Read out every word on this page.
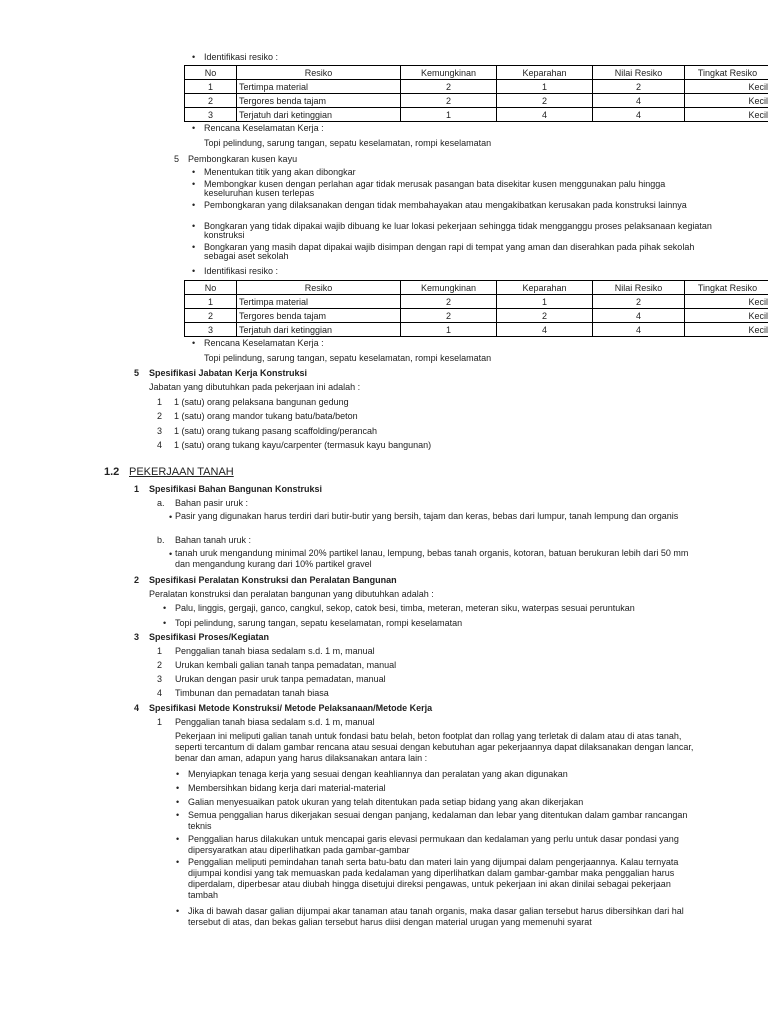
• Identifikasi resiko :
No	Resiko	Kemungkinan	Keparahan	Nilai Resiko	Tingkat Resiko
1	Tertimpa material	2	1	2	Kecil
2	Tergores benda tajam	2	2	4	Kecil
3	Terjatuh dari ketinggian	1	4	4	Kecil
• Rencana Keselamatan Kerja :
Topi pelindung, sarung tangan, sepatu keselamatan, rompi keselamatan
5 Pembongkaran kusen kayu
• Menentukan titik yang akan dibongkar
• Membongkar kusen dengan perlahan agar tidak merusak pasangan bata disekitar kusen menggunakan palu hingga keseluruhan kusen terlepas
• Pembongkaran yang dilaksanakan dengan tidak membahayakan atau mengakibatkan kerusakan pada konstruksi lainnya
• Bongkaran yang tidak dipakai wajib dibuang ke luar lokasi pekerjaan sehingga tidak mengganggu proses pelaksanaan kegiatan konstruksi
• Bongkaran yang masih dapat dipakai wajib disimpan dengan rapi di tempat yang aman dan diserahkan pada pihak sekolah sebagai aset sekolah
• Identifikasi resiko :
No	Resiko	Kemungkinan	Keparahan	Nilai Resiko	Tingkat Resiko
1	Tertimpa material	2	1	2	Kecil
2	Tergores benda tajam	2	2	4	Kecil
3	Terjatuh dari ketinggian	1	4	4	Kecil
• Rencana Keselamatan Kerja :
Topi pelindung, sarung tangan, sepatu keselamatan, rompi keselamatan
5 Spesifikasi Jabatan Kerja Konstruksi
Jabatan yang dibutuhkan pada pekerjaan ini adalah :
1 1 (satu) orang pelaksana bangunan gedung
2 1 (satu) orang mandor tukang batu/bata/beton
3 1 (satu) orang tukang pasang scaffolding/perancah
4 1 (satu) orang tukang kayu/carpenter (termasuk kayu bangunan)
1.2 PEKERJAAN TANAH
1 Spesifikasi Bahan Bangunan Konstruksi
a. Bahan pasir uruk :
• Pasir yang digunakan harus terdiri dari butir-butir yang bersih, tajam dan keras, bebas dari lumpur, tanah lempung dan organis
b. Bahan tanah uruk :
• tanah uruk mengandung minimal 20% partikel lanau, lempung, bebas tanah organis, kotoran, batuan berukuran lebih dari 50 mm dan mengandung kurang dari 10% partikel gravel
2 Spesifikasi Peralatan Konstruksi dan Peralatan Bangunan
Peralatan konstruksi dan peralatan bangunan yang dibutuhkan adalah :
• Palu, linggis, gergaji, ganco, cangkul, sekop, catok besi, timba, meteran, meteran siku, waterpas sesuai peruntukan
• Topi pelindung, sarung tangan, sepatu keselamatan, rompi keselamatan
3 Spesifikasi Proses/Kegiatan
1 Penggalian tanah biasa sedalam s.d. 1 m, manual
2 Urukan kembali galian tanah tanpa pemadatan, manual
3 Urukan dengan pasir uruk tanpa pemadatan, manual
4 Timbunan dan pemadatan tanah biasa
4 Spesifikasi Metode Konstruksi/ Metode Pelaksanaan/Metode Kerja
1 Penggalian tanah biasa sedalam s.d. 1 m, manual
Pekerjaan ini meliputi galian tanah untuk fondasi batu belah, beton footplat dan rollag yang terletak di dalam atau di atas tanah, seperti tercantum di dalam gambar rencana atau sesuai dengan kebutuhan agar pekerjaannya dapat dilaksanakan dengan lancar, benar dan aman, adapun yang harus dilaksanakan antara lain :
• Menyiapkan tenaga kerja yang sesuai dengan keahliannya dan peralatan yang akan digunakan
• Membersihkan bidang kerja dari material-material
• Galian menyesuaikan patok ukuran yang telah ditentukan pada setiap bidang yang akan dikerjakan
• Semua penggalian harus dikerjakan sesuai dengan panjang, kedalaman dan lebar yang ditentukan dalam gambar rancangan teknis
• Penggalian harus dilakukan untuk mencapai garis elevasi permukaan dan kedalaman yang perlu untuk dasar pondasi yang dipersyaratkan atau diperlihatkan pada gambar-gambar
• Penggalian meliputi pemindahan tanah serta batu-batu dan materi lain yang dijumpai dalam pengerjaannya. Kalau ternyata dijumpai kondisi yang tak memuaskan pada kedalaman yang diperlihatkan dalam gambar-gambar maka penggalian harus diperdalam, diperbesar atau diubah hingga disetujui direksi pengawas, untuk pekerjaan ini akan dinilai sebagai pekerjaan tambah
• Jika di bawah dasar galian dijumpai akar tanaman atau tanah organis, maka dasar galian tersebut harus dibersihkan dari hal tersebut di atas, dan bekas galian tersebut harus diisi dengan material urugan yang memenuhi syarat
